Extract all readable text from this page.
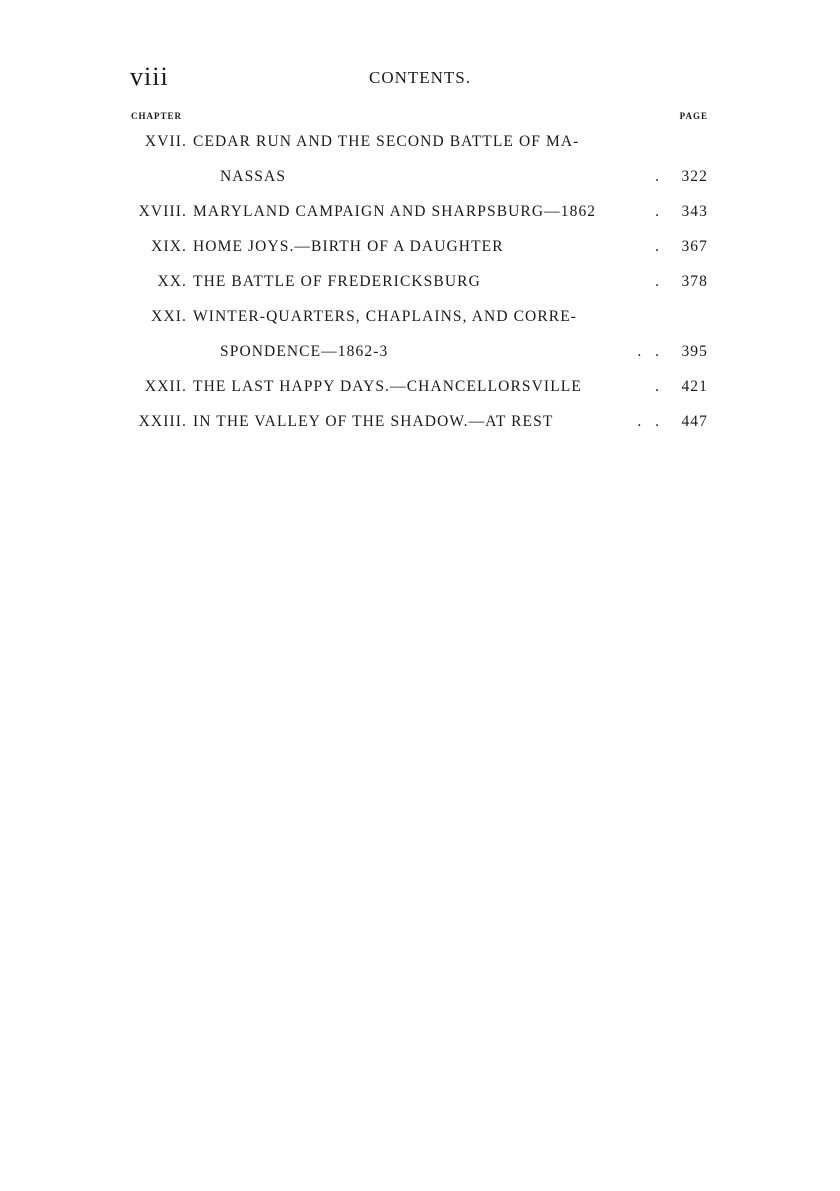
viii	CONTENTS.
CHAPTER	PAGE
XVII. CEDAR RUN AND THE SECOND BATTLE OF MA-
NASSAS	. 322
XVIII. MARYLAND CAMPAIGN AND SHARPSBURG—1862	. 343
XIX. HOME JOYS.—BIRTH OF A DAUGHTER	. 367
XX. THE BATTLE OF FREDERICKSBURG	. 378
XXI. WINTER-QUARTERS, CHAPLAINS, AND CORRE-
SPONDENCE—1862-3	. . 395
XXII. THE LAST HAPPY DAYS.—CHANCELLORSVILLE	. 421
XXIII. IN THE VALLEY OF THE SHADOW.—AT REST	. . 447
